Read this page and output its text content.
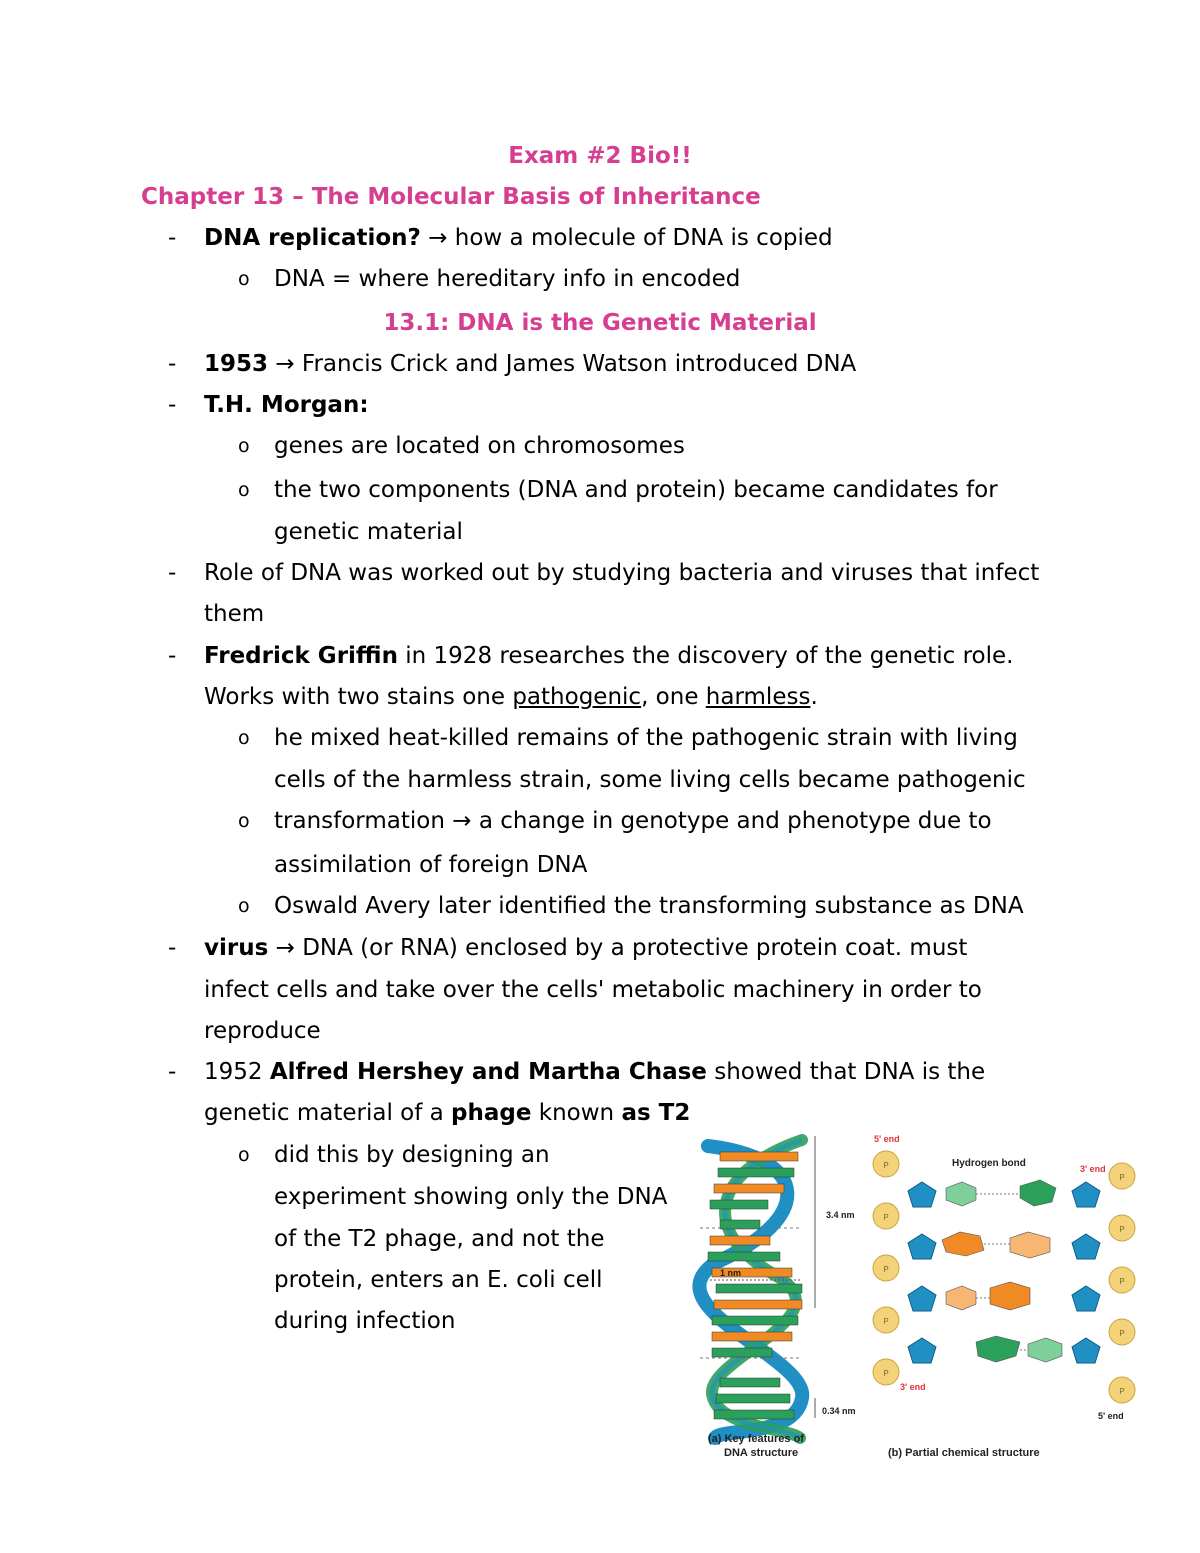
Exam #2 Bio!!
Chapter 13 – The Molecular Basis of Inheritance
- DNA replication? → how a molecule of DNA is copied
o DNA = where hereditary info in encoded
13.1: DNA is the Genetic Material
- 1953 → Francis Crick and James Watson introduced DNA
- T.H. Morgan:
o genes are located on chromosomes
o the two components (DNA and protein) became candidates for
genetic material
- Role of DNA was worked out by studying bacteria and viruses that infect
them
- Fredrick Griffin in 1928 researches the discovery of the genetic role.
Works with two stains one pathogenic, one harmless.
o he mixed heat-killed remains of the pathogenic strain with living
cells of the harmless strain, some living cells became pathogenic
o transformation → a change in genotype and phenotype due to
assimilation of foreign DNA
o Oswald Avery later identified the transforming substance as DNA
- virus → DNA (or RNA) enclosed by a protective protein coat. must
infect cells and take over the cells' metabolic machinery in order to
reproduce
- 1952 Alfred Hershey and Martha Chase showed that DNA is the
genetic material of a phage known as T2
o did this by designing an
experiment showing only the DNA
of the T2 phage, and not the
protein, enters an E. coli cell
during infection
P
3.4 nm
1 nm
0.34 nm
(a) Key features of
DNA structure
5' end
Hydrogen bond	3' end
3' end
5' end
(b) Partial chemical structure
